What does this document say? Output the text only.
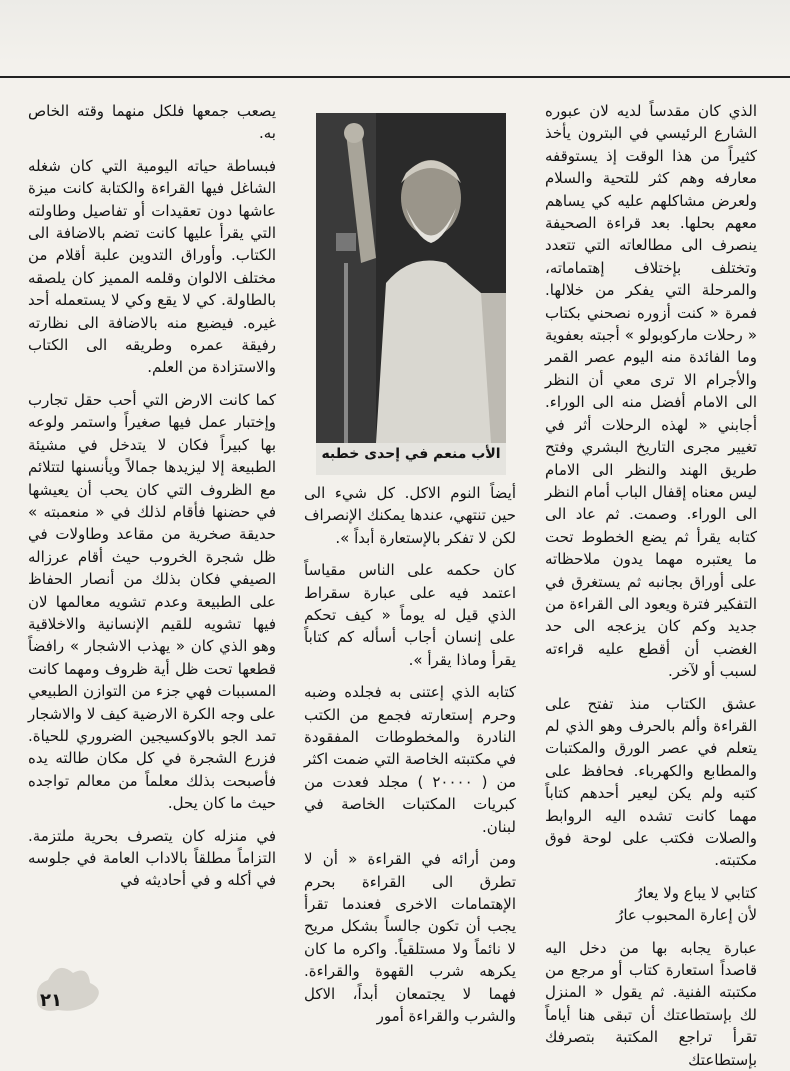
الذي كان مقدساً لديه لان عبوره الشارع الرئيسي في البترون يأخذ كثيراً من هذا الوقت إذ يستوقفه معارفه وهم كثر للتحية والسلام ولعرض مشاكلهم عليه كي يساهم معهم بحلها. بعد قراءة الصحيفة ينصرف الى مطالعاته التي تتعدد وتختلف بإختلاف إهتماماته، والمرحلة التي يفكر من خلالها. فمرة « كنت أزوره نصحني بكتاب « رحلات ماركوبولو » أجبته بعفوية وما الفائدة منه اليوم عصر القمر والأجرام الا ترى معي أن النظر الى الامام أفضل منه الى الوراء. أجابني « لهذه الرحلات أثر في تغيير مجرى التاريخ البشري وفتح طريق الهند والنظر الى الامام ليس معناه إقفال الباب أمام النظر الى الوراء. وصمت. ثم عاد الى كتابه يقرأ ثم يضع الخطوط تحت ما يعتبره مهما يدون ملاحظاته على أوراق بجانبه ثم يستغرق في التفكير فترة ويعود الى القراءة من جديد وكم كان يزعجه الى حد الغضب أن أقطع عليه قراءته لسبب أو لآخر.

عشق الكتاب منذ تفتح على القراءة وألم بالحرف وهو الذي لم يتعلم في عصر الورق والمكتبات والمطابع والكهرباء. فحافظ على كتبه ولم يكن ليعير أحدهم كتاباً مهما كانت تشده اليه الروابط والصلات فكتب على لوحة فوق مكتبته.

كتابي لا يباع ولا يعارُ
لأن إعارة المحبوب عارُ

عبارة يجابه بها من دخل اليه قاصداً استعارة كتاب أو مرجع من مكتبته الفنية. ثم يقول « المنزل لك بإستطاعتك أن تبقى هنا أياماً تقرأ تراجع المكتبة بتصرفك بإستطاعتك

الأب منعم في إحدى خطبه

أيضاً النوم الاكل. كل شيء الى حين تنتهي، عندها يمكنك الإنصراف لكن لا تفكر بالإستعارة أبداً ».

كان حكمه على الناس مقياساً اعتمد فيه على عبارة سقراط الذي قيل له يوماً « كيف تحكم على إنسان أجاب أسأله كم كتاباً يقرأ وماذا يقرأ ».

كتابه الذي إعتنى به فجلده وضبه وحرم إستعارته فجمع من الكتب النادرة والمخطوطات المفقودة في مكتبته الخاصة التي ضمت اكثر من ( ٢٠٠٠٠ ) مجلد فعدت من كبريات المكتبات الخاصة في لبنان.

ومن أرائه في القراءة « أن لا تطرق الى القراءة بحرم الإهتمامات الاخرى فعندما تقرأ يجب أن تكون جالساً بشكل مريح لا نائماً ولا مستلقياً. واكره ما كان يكرهه شرب القهوة والقراءة. فهما لا يجتمعان أبداً، الاكل والشرب والقراءة أمور

يصعب جمعها فلكل منهما وقته الخاص به.

فبساطة حياته اليومية التي كان شغله الشاغل فيها القراءة والكتابة كانت ميزة عاشها دون تعقيدات أو تفاصيل وطاولته التي يقرأ عليها كانت تضم بالاضافة الى الكتاب. وأوراق التدوين علبة أقلام من مختلف الالوان وقلمه المميز كان يلصقه بالطاولة. كي لا يقع وكي لا يستعمله أحد غيره. فيضيع منه بالاضافة الى نظارته رفيقة عمره وطريقه الى الكتاب والاستزادة من العلم.

كما كانت الارض التي أحب حقل تجارب وإختبار عمل فيها صغيراً واستمر ولوعه بها كبيراً فكان لا يتدخل في مشيئة الطبيعة إلا ليزيدها جمالاً ويأنسنها لتتلائم مع الظروف التي كان يحب أن يعيشها في حضنها فأقام لذلك في « منعمبته » حديقة صخرية من مقاعد وطاولات في ظل شجرة الخروب حيث أقام عرزاله الصيفي فكان بذلك من أنصار الحفاظ على الطبيعة وعدم تشويه معالمها لان فيها تشويه للقيم الإنسانية والاخلاقية وهو الذي كان « يهذب الاشجار » رافضاً قطعها تحت ظل أية ظروف ومهما كانت المسببات فهي جزء من التوازن الطبيعي على وجه الكرة الارضية كيف لا والاشجار تمد الجو بالاوكسيجين الضروري للحياة. فزرع الشجرة في كل مكان طالته يده فأصبحت بذلك معلماً من معالم تواجده حيث ما كان يحل.

في منزله كان يتصرف بحرية ملتزمة. التزاماً مطلقاً بالاداب العامة في جلوسه في أكله و في أحاديثه في

٢١
